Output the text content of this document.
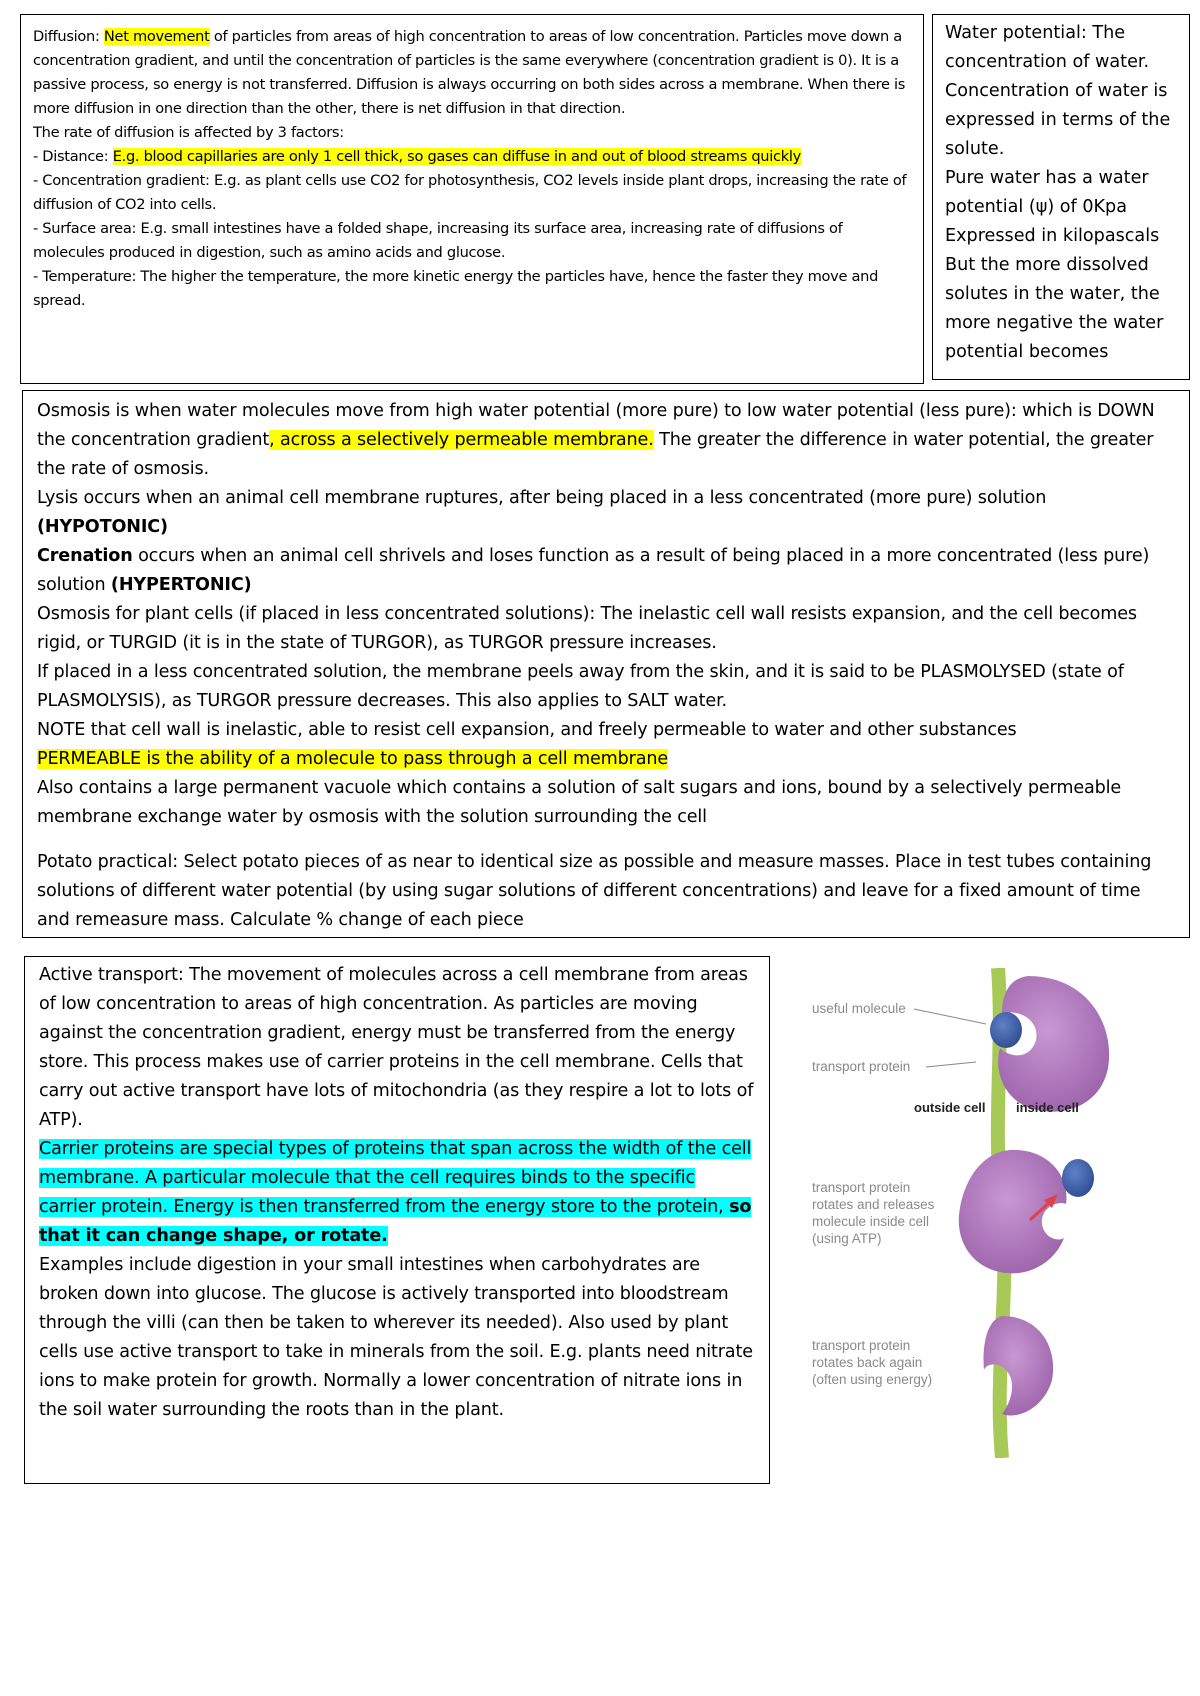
Diffusion: Net movement of particles from areas of high concentration to areas of low concentration. Particles move down a concentration gradient, and until the concentration of particles is the same everywhere (concentration gradient is 0). It is a passive process, so energy is not transferred. Diffusion is always occurring on both sides across a membrane. When there is more diffusion in one direction than the other, there is net diffusion in that direction.

The rate of diffusion is affected by 3 factors:

- Distance: E.g. blood capillaries are only 1 cell thick, so gases can diffuse in and out of blood streams quickly

- Concentration gradient: E.g. as plant cells use CO2 for photosynthesis, CO2 levels inside plant drops, increasing the rate of diffusion of CO2 into cells.

- Surface area: E.g. small intestines have a folded shape, increasing its surface area, increasing rate of diffusions of molecules produced in digestion, such as amino acids and glucose.

- Temperature: The higher the temperature, the more kinetic energy the particles have, hence the faster they move and spread.

Water potential: The concentration of water. Concentration of water is expressed in terms of the solute.

Pure water has a water potential (ψ) of 0Kpa

Expressed in kilopascals

But the more dissolved solutes in the water, the more negative the water potential becomes

Osmosis is when water molecules move from high water potential (more pure) to low water potential (less pure): which is DOWN the concentration gradient, across a selectively permeable membrane. The greater the difference in water potential, the greater the rate of osmosis.

Lysis occurs when an animal cell membrane ruptures, after being placed in a less concentrated (more pure) solution (HYPOTONIC)

Crenation occurs when an animal cell shrivels and loses function as a result of being placed in a more concentrated (less pure) solution (HYPERTONIC)

Osmosis for plant cells (if placed in less concentrated solutions): The inelastic cell wall resists expansion, and the cell becomes rigid, or TURGID (it is in the state of TURGOR), as TURGOR pressure increases.

If placed in a less concentrated solution, the membrane peels away from the skin, and it is said to be PLASMOLYSED (state of PLASMOLYSIS), as TURGOR pressure decreases. This also applies to SALT water.

NOTE that cell wall is inelastic, able to resist cell expansion, and freely permeable to water and other substances

PERMEABLE is the ability of a molecule to pass through a cell membrane

Also contains a large permanent vacuole which contains a solution of salt sugars and ions, bound by a selectively permeable membrane exchange water by osmosis with the solution surrounding the cell

Potato practical: Select potato pieces of as near to identical size as possible and measure masses. Place in test tubes containing solutions of different water potential (by using sugar solutions of different concentrations) and leave for a fixed amount of time and remeasure mass. Calculate % change of each piece

Active transport: The movement of molecules across a cell membrane from areas of low concentration to areas of high concentration. As particles are moving against the concentration gradient, energy must be transferred from the energy store. This process makes use of carrier proteins in the cell membrane. Cells that carry out active transport have lots of mitochondria (as they respire a lot to lots of ATP).

Carrier proteins are special types of proteins that span across the width of the cell membrane. A particular molecule that the cell requires binds to the specific carrier protein. Energy is then transferred from the energy store to the protein, so that it can change shape, or rotate.

Examples include digestion in your small intestines when carbohydrates are broken down into glucose. The glucose is actively transported into bloodstream through the villi (can then be taken to wherever its needed). Also used by plant cells use active transport to take in minerals from the soil. E.g. plants need nitrate ions to make protein for growth. Normally a lower concentration of nitrate ions in the soil water surrounding the roots than in the plant.

useful molecule
transport protein
outside cell inside cell
transport protein
rotates and releases
molecule inside cell
(using ATP)
transport protein
rotates back again
(often using energy)
